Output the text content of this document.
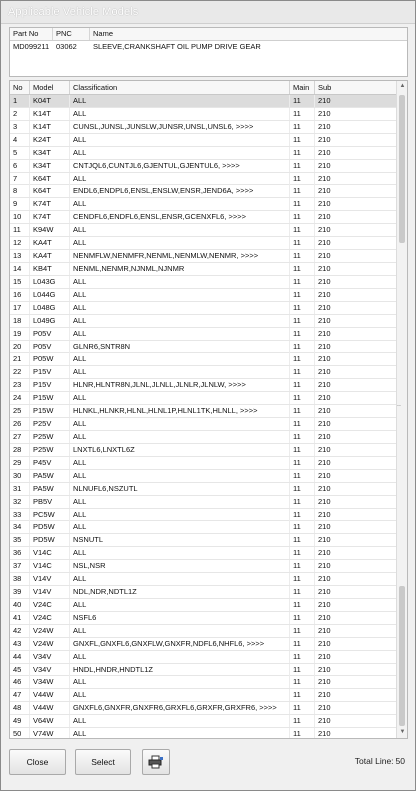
Applicable Vehicle Models
Part No	PNC	Name
MD099211 03062	SLEEVE,CRANKSHAFT OIL PUMP DRIVE GEAR
No	Model	Classification	Main	Sub
1	K04T	ALL	11	210
2	K14T	ALL	11	210
3	K14T	CUNSL,JUNSL,JUNSLW,JUNSR,UNSL,UNSL6, >>>>	11	210
4	K24T	ALL	11	210
5	K34T	ALL	11	210
6	K34T	CNTJQL6,CUNTJL6,GJENTUL,GJENTUL6, >>>>	11	210
7	K64T	ALL	11	210
8	K64T	ENDL6,ENDPL6,ENSL,ENSLW,ENSR,JEND6A, >>>>	11	210
9	K74T	ALL	11	210
10	K74T	CENDFL6,ENDFL6,ENSL,ENSR,GCENXFL6, >>>>	11	210
11	K94W	ALL	11	210
12	KA4T	ALL	11	210
13	KA4T	NENMFLW,NENMFR,NENML,NENMLW,NENMR, >>>>	11	210
14	KB4T	NENML,NENMR,NJNML,NJNMR	11	210
15	L043G	ALL	11	210
16	L044G	ALL	11	210
17	L048G	ALL	11	210
18	L049G	ALL	11	210
19	P05V	ALL	11	210
20	P05V	GLNR6,SNTR8N	11	210
21	P05W	ALL	11	210
22	P15V	ALL	11	210
23	P15V	HLNR,HLNTR8N,JLNL,JLNLL,JLNLR,JLNLW, >>>>	11	210
24	P15W	ALL	11	210
25	P15W	HLNKL,HLNKR,HLNL,HLNL1P,HLNL1TK,HLNLL, >>>>	11	210
26	P25V	ALL	11	210
27	P25W	ALL	11	210
28	P25W	LNXTL6,LNXTL6Z	11	210
29	P45V	ALL	11	210
30	PA5W	ALL	11	210
31	PA5W	NLNUFL6,NSZUTL	11	210
32	PB5V	ALL	11	210
33	PC5W	ALL	11	210
34	PD5W	ALL	11	210
35	PD5W	NSNUTL	11	210
36	V14C	ALL	11	210
37	V14C	NSL,NSR	11	210
38	V14V	ALL	11	210
39	V14V	NDL,NDR,NDTL1Z	11	210
40	V24C	ALL	11	210
41	V24C	NSFL6	11	210
42	V24W	ALL	11	210
43	V24W	GNXFL,GNXFL6,GNXFLW,GNXFR,NDFL6,NHFL6, >>>>	11	210
44	V34V	ALL	11	210
45	V34V	HNDL,HNDR,HNDTL1Z	11	210
46	V34W	ALL	11	210
47	V44W	ALL	11	210
48	V44W	GNXFL6,GNXFR,GNXFR6,GRXFL6,GRXFR,GRXFR6, >>>>	11	210
49	V64W	ALL	11	210
50	V74W	ALL	11	210
▲
▼
..
Close	Select	Total Line: 50
